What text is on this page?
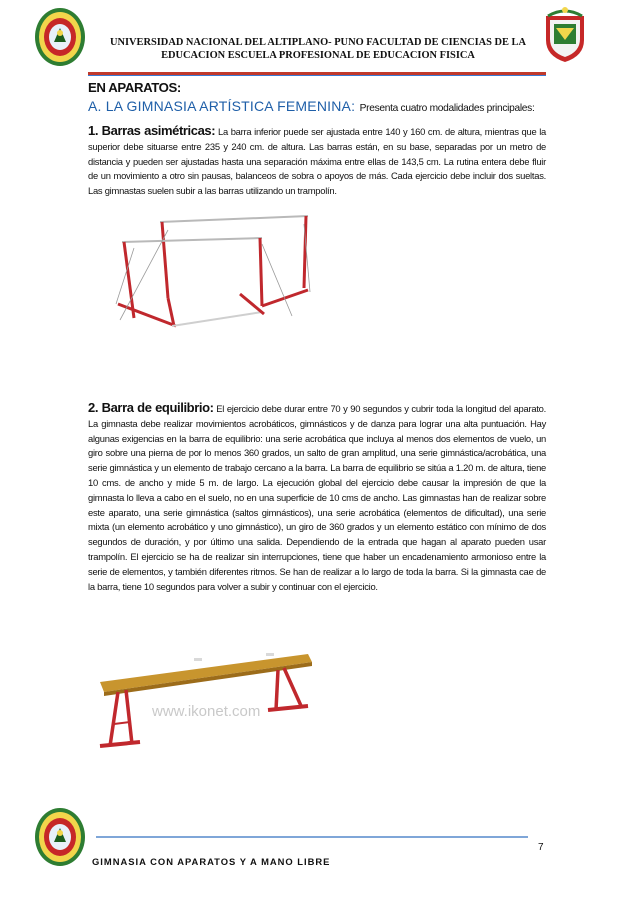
UNIVERSIDAD NACIONAL DEL ALTIPLANO- PUNO FACULTAD DE CIENCIAS DE LA
EDUCACION ESCUELA PROFESIONAL DE EDUCACION FISICA
EN APARATOS:
A. LA GIMNASIA ARTÍSTICA FEMENINA: Presenta cuatro modalidades principales:
1. Barras asimétricas: La barra inferior puede ser ajustada entre 140 y 160 cm. de altura, mientras que la superior debe situarse entre 235 y 240 cm. de altura. Las barras están, en su base, separadas por un metro de distancia y pueden ser ajustadas hasta una separación máxima entre ellas de 143,5 cm. La rutina entera debe fluir de un movimiento a otro sin pausas, balanceos de sobra o apoyos de más. Cada ejercicio debe incluir dos sueltas. Las gimnastas suelen subir a las barras utilizando un trampolín.
2. Barra de equilibrio: El ejercicio debe durar entre 70 y 90 segundos y cubrir toda la longitud del aparato. La gimnasta debe realizar movimientos acrobáticos, gimnásticos y de danza para lograr una alta puntuación. Hay algunas exigencias en la barra de equilibrio: una serie acrobática que incluya al menos dos elementos de vuelo, un giro sobre una pierna de por lo menos 360 grados, un salto de gran amplitud, una serie gimnástica/acrobática, una serie gimnástica y un elemento de trabajo cercano a la barra. La barra de equilibrio se sitúa a 1.20 m. de altura, tiene 10 cms. de ancho y mide 5 m. de largo. La ejecución global del ejercicio debe causar la impresión de que la gimnasta lo lleva a cabo en el suelo, no en una superficie de 10 cms de ancho. Las gimnastas han de realizar sobre este aparato, una serie gimnástica (saltos gimnásticos), una serie acrobática (elementos de dificultad), una serie mixta (un elemento acrobático y uno gimnástico), un giro de 360 grados y un elemento estático con mínimo de dos segundos de duración, y por último una salida. Dependiendo de la entrada que hagan al aparato pueden usar trampolín. El ejercicio se ha de realizar sin interrupciones, tiene que haber un encadenamiento armonioso entre la serie de elementos, y también diferentes ritmos. Se han de realizar a lo largo de toda la barra. Si la gimnasta cae de la barra, tiene 10 segundos para volver a subir y continuar con el ejercicio.
www.ikonet.com
7
GIMNASIA CON APARATOS Y A MANO LIBRE
